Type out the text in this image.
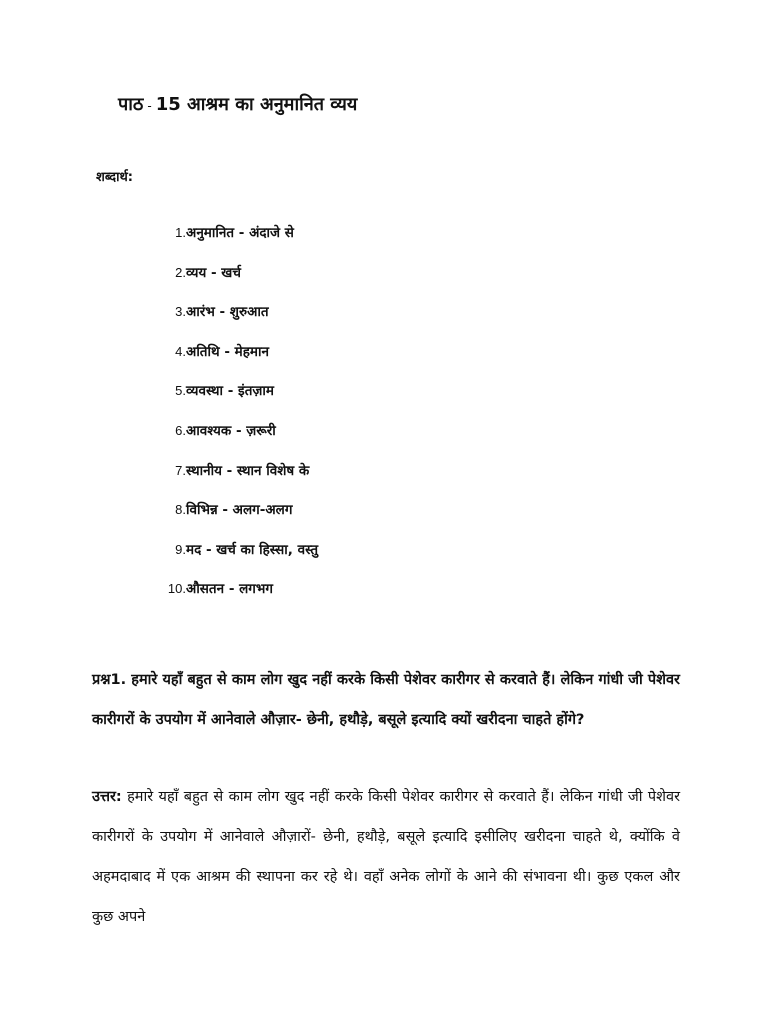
पाठ - 15 आश्रम का अनुमानित व्यय
शब्दार्थ:
1. अनुमानित - अंदाजे से
2. व्यय - खर्च
3. आरंभ - शुरुआत
4. अतिथि - मेहमान
5. व्यवस्था - इंतज़ाम
6. आवश्यक - ज़रूरी
7. स्थानीय - स्थान विशेष के
8. विभिन्न - अलग-अलग
9. मद - खर्च का हिस्सा, वस्तु
10. औसतन - लगभग

प्रश्न1. हमारे यहाँ बहुत से काम लोग खुद नहीं करके किसी पेशेवर कारीगर से करवाते हैं। लेकिन गांधी जी पेशेवर कारीगरों के उपयोग में आनेवाले औज़ार- छेनी, हथौड़े, बसूले इत्यादि क्यों खरीदना चाहते होंगे?

उत्तर: हमारे यहाँ बहुत से काम लोग खुद नहीं करके किसी पेशेवर कारीगर से करवाते हैं। लेकिन गांधी जी पेशेवर कारीगरों के उपयोग में आनेवाले औज़ारों- छेनी, हथौड़े, बसूले इत्यादि इसीलिए खरीदना चाहते थे, क्योंकि वे अहमदाबाद में एक आश्रम की स्थापना कर रहे थे। वहाँ अनेक लोगों के आने की संभावना थी। कुछ एकल और कुछ अपने
